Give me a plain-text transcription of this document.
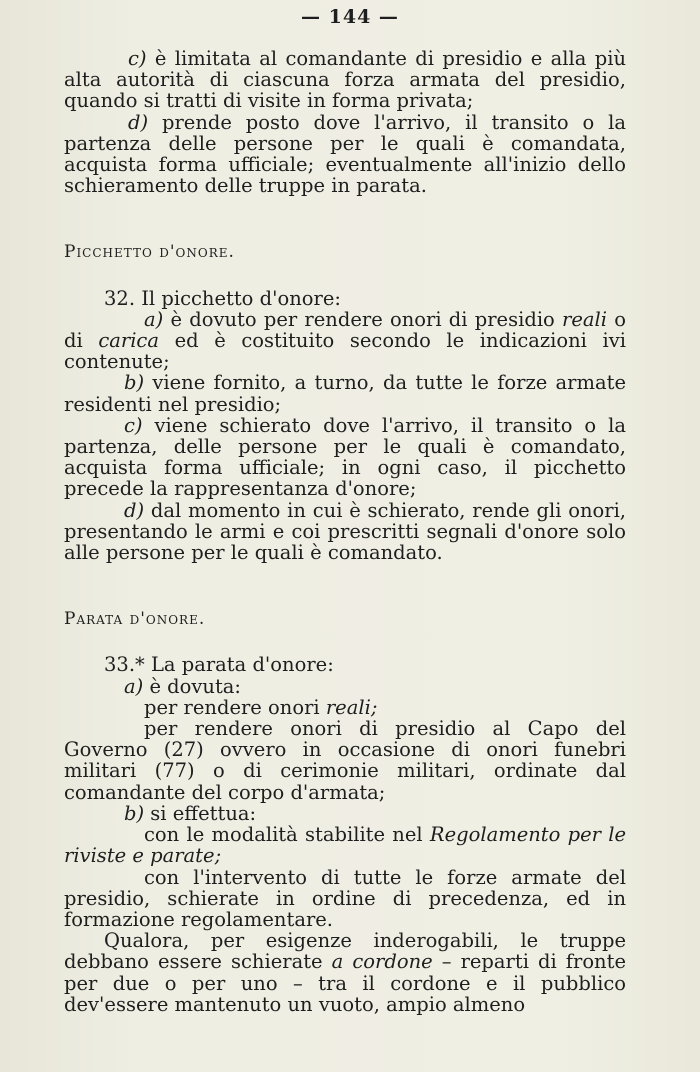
— 144 —

c) è limitata al comandante di presidio e alla più alta autorità di ciascuna forza armata del presidio, quando si tratti di visite in forma privata;

d) prende posto dove l'arrivo, il transito o la partenza delle persone per le quali è comandata, acquista forma ufficiale; eventualmente all'inizio dello schieramento delle truppe in parata.

Picchetto d'onore.

32. Il picchetto d'onore:

a) è dovuto per rendere onori di presidio reali o di carica ed è costituito secondo le indicazioni ivi contenute;

b) viene fornito, a turno, da tutte le forze armate residenti nel presidio;

c) viene schierato dove l'arrivo, il transito o la partenza, delle persone per le quali è comandato, acquista forma ufficiale; in ogni caso, il picchetto precede la rappresentanza d'onore;

d) dal momento in cui è schierato, rende gli onori, presentando le armi e coi prescritti segnali d'onore solo alle persone per le quali è comandato.

Parata d'onore.

33.* La parata d'onore:

a) è dovuta:

per rendere onori reali;

per rendere onori di presidio al Capo del Governo (27) ovvero in occasione di onori funebri militari (77) o di cerimonie militari, ordinate dal comandante del corpo d'armata;

b) si effettua:

con le modalità stabilite nel Regolamento per le riviste e parate;

con l'intervento di tutte le forze armate del presidio, schierate in ordine di precedenza, ed in formazione regolamentare.

Qualora, per esigenze inderogabili, le truppe debbano essere schierate a cordone – reparti di fronte per due o per uno – tra il cordone e il pubblico dev'essere mantenuto un vuoto, ampio almeno
